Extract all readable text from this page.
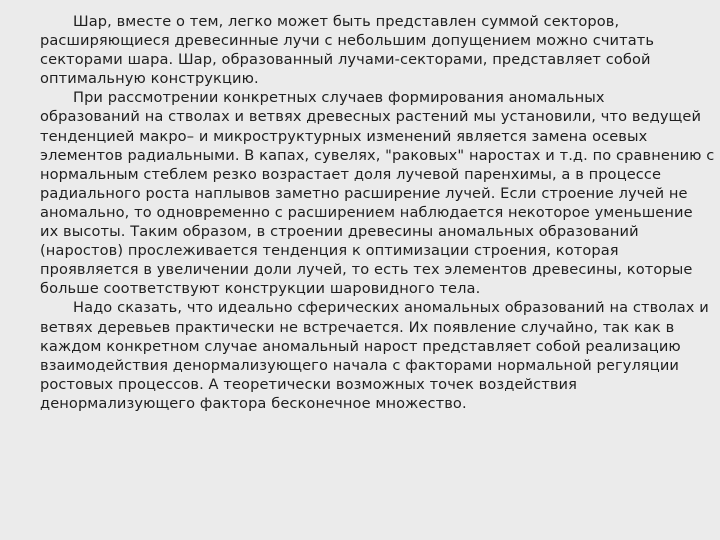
Шар, вместе о тем, легко может быть представлен суммой секторов,
расширяющиеся древесинные лучи с небольшим допущением можно считать
секторами шара. Шар, образованный лучами-секторами, представляет собой
оптимальную конструкцию.
При рассмотрении конкретных случаев формирования аномальных
образований на стволах и ветвях древесных растений мы установили, что ведущей
тенденцией макро– и микроструктурных изменений является замена осевых
элементов радиальными. В капах, сувелях, "раковых" наростах и т.д. по сравнению с
нормальным стеблем резко возрастает доля лучевой паренхимы, а в процессе
радиального роста наплывов заметно расширение лучей. Если строение лучей не
аномально, то одновременно с расширением наблюдается некоторое уменьшение
их высоты. Таким образом, в строении древесины аномальных образований
(наростов) прослеживается тенденция к оптимизации строения, которая
проявляется в увеличении доли лучей, то есть тех элементов древесины, которые
больше соответствуют конструкции шаровидного тела.
Надо сказать, что идеально сферических аномальных образований на стволах и
ветвях деревьев практически не встречается. Их появление случайно, так как в
каждом конкретном случае аномальный нарост представляет собой реализацию
взаимодействия денормализующего начала с факторами нормальной регуляции
ростовых процессов. А теоретически возможных точек воздействия
денормализующего фактора бесконечное множество.
